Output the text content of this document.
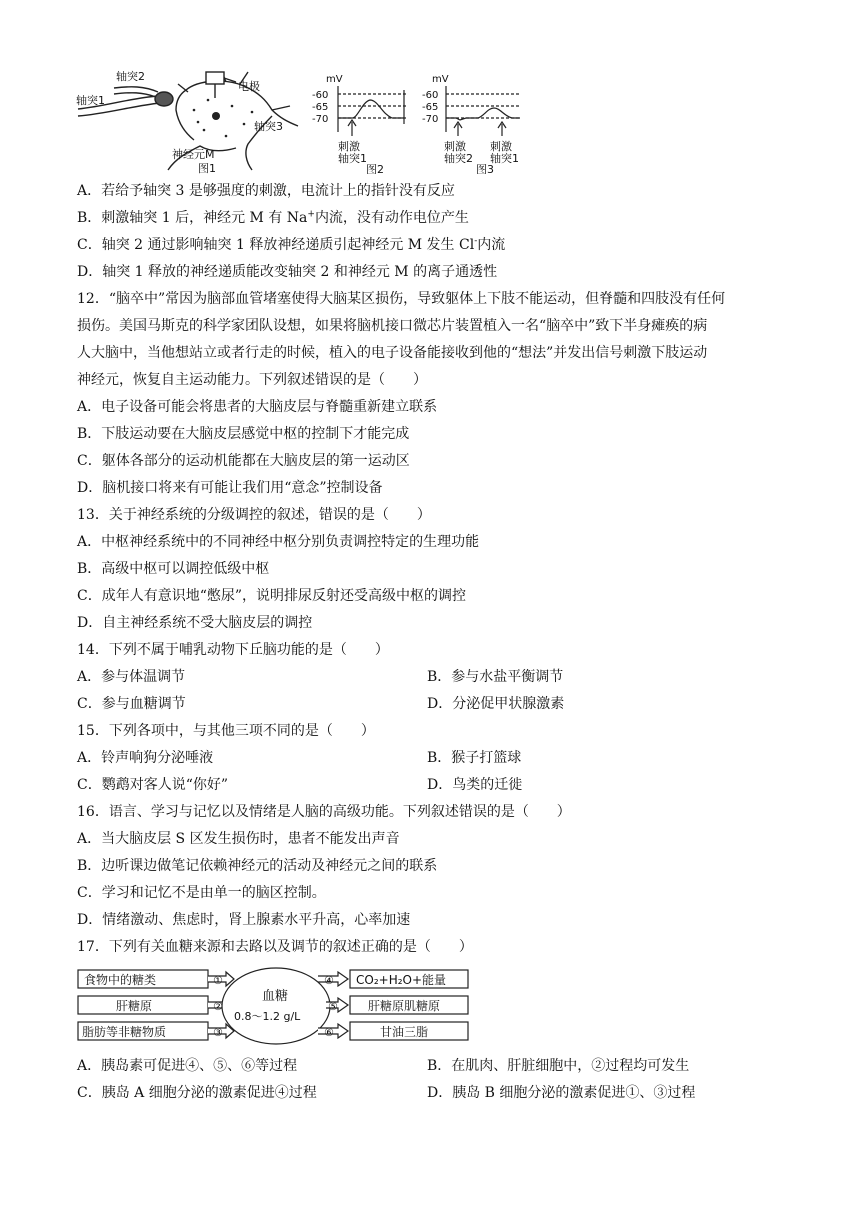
轴突2
轴突1
电极
轴突3
神经元M
图1
mV
-60
-65
-70
刺激
轴突1
图2
mV
-60
-65
-70
刺激
轴突2
刺激
轴突1
图3
A．若给予轴突 3 是够强度的刺激，电流计上的指针没有反应
B．刺激轴突 1 后，神经元 M 有 Na+内流，没有动作电位产生
C．轴突 2 通过影响轴突 1 释放神经递质引起神经元 M 发生 Cl-内流
D．轴突 1 释放的神经递质能改变轴突 2 和神经元 M 的离子通透性
12．“脑卒中”常因为脑部血管堵塞使得大脑某区损伤，导致躯体上下肢不能运动，但脊髓和四肢没有任何
损伤。美国马斯克的科学家团队设想，如果将脑机接口微芯片装置植入一名“脑卒中”致下半身瘫痪的病
人大脑中，当他想站立或者行走的时候，植入的电子设备能接收到他的“想法”并发出信号刺激下肢运动
神经元，恢复自主运动能力。下列叙述错误的是（　　）
A．电子设备可能会将患者的大脑皮层与脊髓重新建立联系
B．下肢运动要在大脑皮层感觉中枢的控制下才能完成
C．躯体各部分的运动机能都在大脑皮层的第一运动区
D．脑机接口将来有可能让我们用“意念”控制设备
13．关于神经系统的分级调控的叙述，错误的是（　　）
A．中枢神经系统中的不同神经中枢分别负责调控特定的生理功能
B．高级中枢可以调控低级中枢
C．成年人有意识地“憋尿”，说明排尿反射还受高级中枢的调控
D．自主神经系统不受大脑皮层的调控
14．下列不属于哺乳动物下丘脑功能的是（　　）
A．参与体温调节	B．参与水盐平衡调节
C．参与血糖调节	D．分泌促甲状腺激素
15．下列各项中，与其他三项不同的是（　　）
A．铃声响狗分泌唾液	B．猴子打篮球
C．鹦鹉对客人说“你好”	D．鸟类的迁徙
16．语言、学习与记忆以及情绪是人脑的高级功能。下列叙述错误的是（　　）
A．当大脑皮层 S 区发生损伤时，患者不能发出声音
B．边听课边做笔记依赖神经元的活动及神经元之间的联系
C．学习和记忆不是由单一的脑区控制。
D．情绪激动、焦虑时，肾上腺素水平升高，心率加速
17．下列有关血糖来源和去路以及调节的叙述正确的是（　　）
食物中的糖类
肝糖原
脂肪等非糖物质
①
②
③
血糖
0.8～1.2 g/L
④
⑤
⑥
CO₂+H₂O+能量
肝糖原肌糖原
甘油三脂
A．胰岛素可促进④、⑤、⑥等过程	B．在肌肉、肝脏细胞中，②过程均可发生
C．胰岛 A 细胞分泌的激素促进④过程	D．胰岛 B 细胞分泌的激素促进①、③过程
